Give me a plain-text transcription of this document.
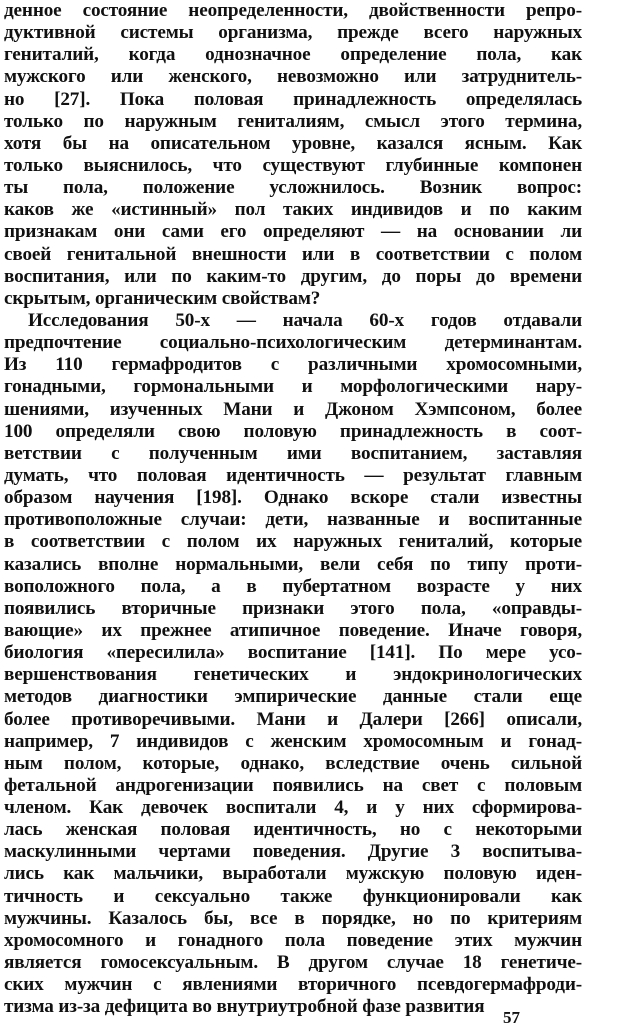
денное состояние неопределенности, двойственности репро-
дуктивной системы организма, прежде всего наружных
гениталий, когда однозначное определение пола, как
мужского или женского, невозможно или затруднитель-
но [27]. Пока половая принадлежность определялась
только по наружным гениталиям, смысл этого термина,
хотя бы на описательном уровне, казался ясным. Как
только выяснилось, что существуют глубинные компонен
ты пола, положение усложнилось. Возник вопрос:
каков же «истинный» пол таких индивидов и по каким
признакам они сами его определяют — на основании ли
своей генитальной внешности или в соответствии с полом
воспитания, или по каким-то другим, до поры до времени
скрытым, органическим свойствам?
Исследования 50-х — начала 60-х годов отдавали
предпочтение социально-психологическим детерминантам.
Из 110 гермафродитов с различными хромосомными,
гонадными, гормональными и морфологическими нару-
шениями, изученных Мани и Джоном Хэмпсоном, более
100 определяли свою половую принадлежность в соот-
ветствии с полученным ими воспитанием, заставляя
думать, что половая идентичность — результат главным
образом научения [198]. Однако вскоре стали известны
противоположные случаи: дети, названные и воспитанные
в соответствии с полом их наружных гениталий, которые
казались вполне нормальными, вели себя по типу проти-
воположного пола, а в пубертатном возрасте у них
появились вторичные признаки этого пола, «оправды-
вающие» их прежнее атипичное поведение. Иначе говоря,
биология «пересилила» воспитание [141]. По мере усо-
вершенствования генетических и эндокринологических
методов диагностики эмпирические данные стали еще
более противоречивыми. Мани и Далери [266] описали,
например, 7 индивидов с женским хромосомным и гонад-
ным полом, которые, однако, вследствие очень сильной
фетальной андрогенизации появились на свет с половым
членом. Как девочек воспитали 4, и у них сформирова-
лась женская половая идентичность, но с некоторыми
маскулинными чертами поведения. Другие 3 воспитыва-
лись как мальчики, выработали мужскую половую иден-
тичность и сексуально также функционировали как
мужчины. Казалось бы, все в порядке, но по критериям
хромосомного и гонадного пола поведение этих мужчин
является гомосексуальным. В другом случае 18 генетиче-
ских мужчин с явлениями вторичного псевдогермафроди-
тизма из-за дефицита во внутриутробной фазе развития
57
